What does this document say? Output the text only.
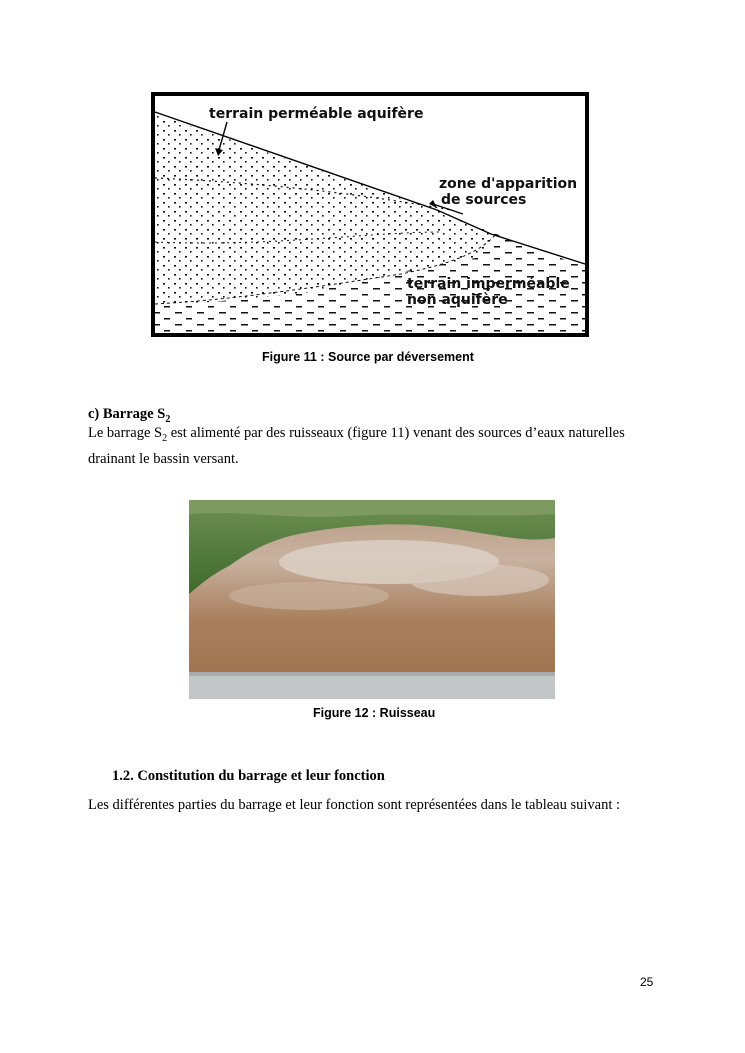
terrain perméable aquifère
zone d'apparition
de sources
terrain imperméable
non aquifère
Figure 11 : Source par déversement
c) Barrage $S_2$
Le barrage $S_2$ est alimenté par des ruisseaux (figure 11) venant des sources d’eaux naturelles drainant le bassin versant.
Figure 12 : Ruisseau
1.2. Constitution du barrage et leur fonction
Les différentes parties du barrage et leur fonction sont représentées dans le tableau suivant :
25
